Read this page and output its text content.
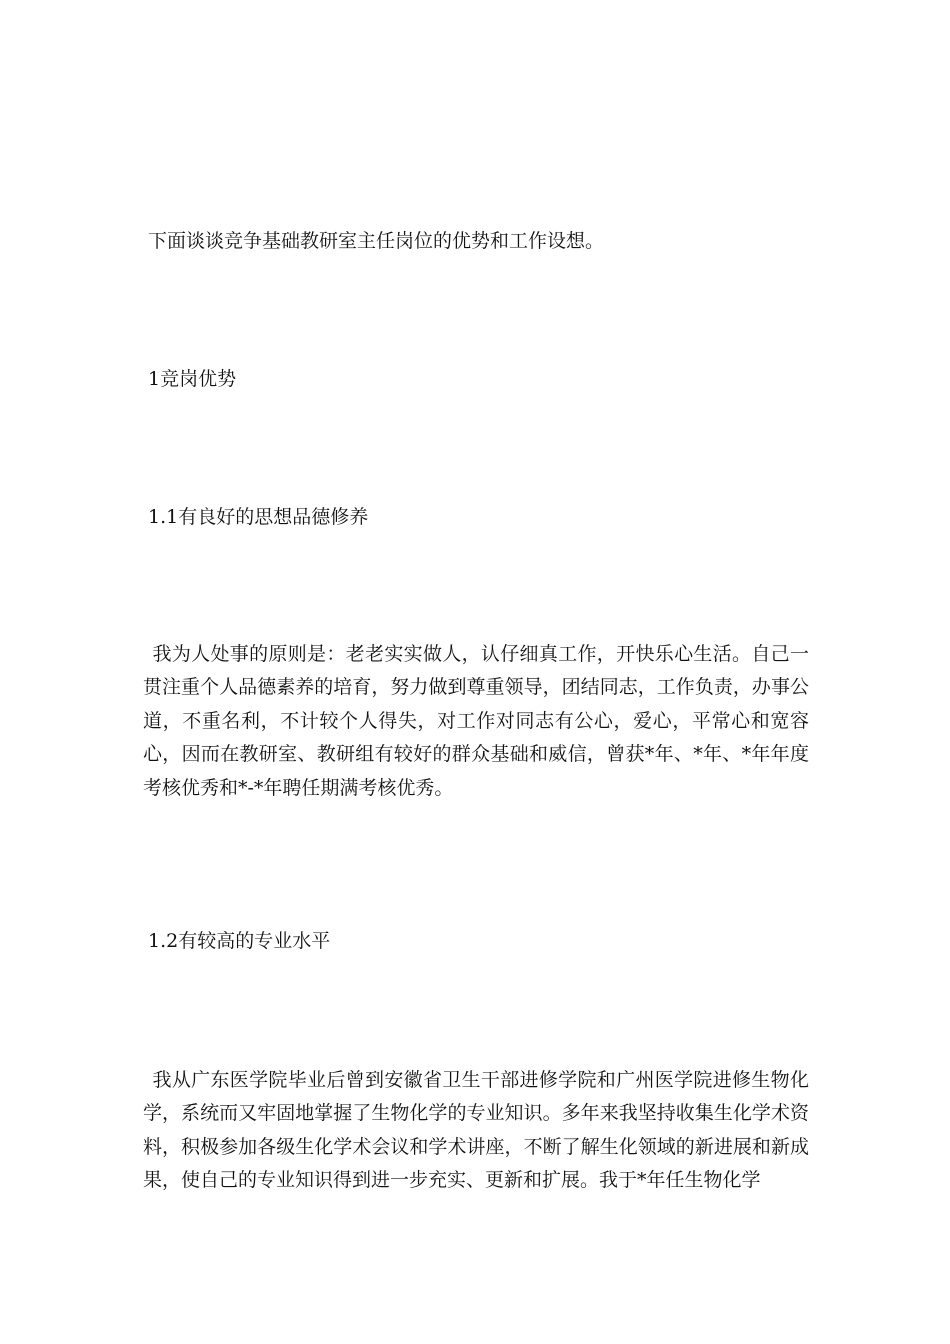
下面谈谈竞争基础教研室主任岗位的优势和工作设想。

1竞岗优势

1.1有良好的思想品德修养

我为人处事的原则是：老老实实做人，认仔细真工作，开快乐心生活。自己一贯注重个人品德素养的培育，努力做到尊重领导，团结同志，工作负责，办事公道，不重名利，不计较个人得失，对工作对同志有公心，爱心，平常心和宽容心，因而在教研室、教研组有较好的群众基础和威信，曾获*年、*年、*年年度考核优秀和*-*年聘任期满考核优秀。

1.2有较高的专业水平

我从广东医学院毕业后曾到安徽省卫生干部进修学院和广州医学院进修生物化学，系统而又牢固地掌握了生物化学的专业知识。多年来我坚持收集生化学术资料，积极参加各级生化学术会议和学术讲座，不断了解生化领域的新进展和新成果，使自己的专业知识得到进一步充实、更新和扩展。我于*年任生物化学
